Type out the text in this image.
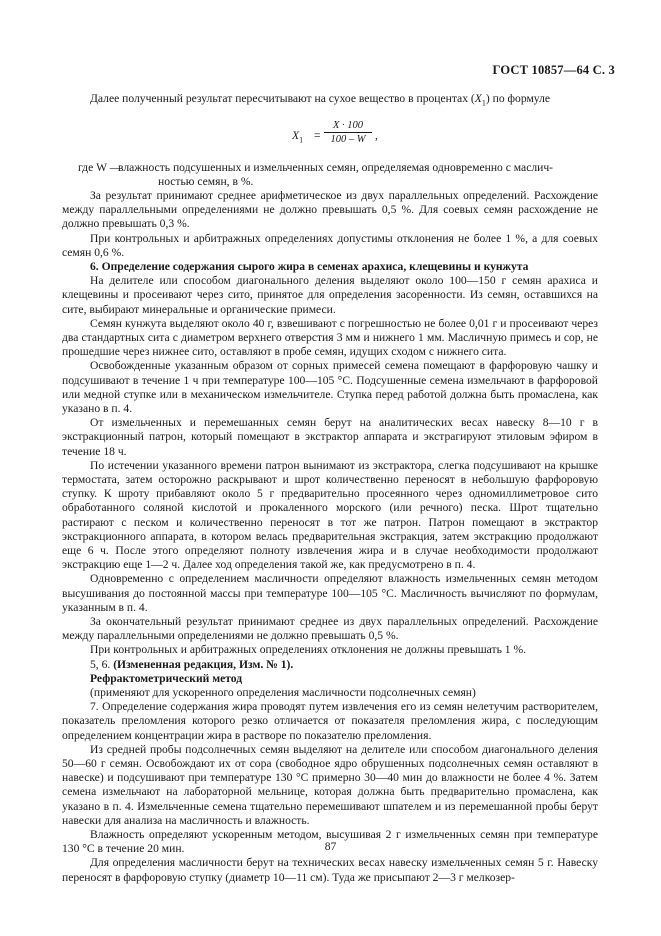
ГОСТ 10857—64 С. 3

Далее полученный результат пересчитывают на сухое вещество в процентах $(X_1)$ по формуле

$X_1$ =
X · 100
100 – W ,
где W —
влажность подсушенных и измельченных семян, определяемая одновременно с маслич-
ностью семян, в %.

За результат принимают среднее арифметическое из двух параллельных определений. Расхождение между параллельными определениями не должно превышать 0,5 %. Для соевых семян расхождение не должно превышать 0,3 %.

При контрольных и арбитражных определениях допустимы отклонения не более 1 %, а для соевых семян 0,6 %.

6. Определение содержания сырого жира в семенах арахиса, клещевины и кунжута

На делителе или способом диагонального деления выделяют около 100—150 г семян арахиса и клещевины и просеивают через сито, принятое для определения засоренности. Из семян, оставшихся на сите, выбирают минеральные и органические примеси.

Семян кунжута выделяют около 40 г, взвешивают с погрешностью не более 0,01 г и просеивают через два стандартных сита с диаметром верхнего отверстия 3 мм и нижнего 1 мм. Масличную примесь и сор, не прошедшие через нижнее сито, оставляют в пробе семян, идущих сходом с нижнего сита.

Освобожденные указанным образом от сорных примесей семена помещают в фарфоровую чашку и подсушивают в течение 1 ч при температуре 100—105 °С. Подсушенные семена измельчают в фарфоровой или медной ступке или в механическом измельчителе. Ступка перед работой должна быть промаслена, как указано в п. 4.

От измельченных и перемешанных семян берут на аналитических весах навеску 8—10 г в экстракционный патрон, который помещают в экстрактор аппарата и экстрагируют этиловым эфиром в течение 18 ч.

По истечении указанного времени патрон вынимают из экстрактора, слегка подсушивают на крышке термостата, затем осторожно раскрывают и шрот количественно переносят в небольшую фарфоровую ступку. К шроту прибавляют около 5 г предварительно просеянного через одномиллиметровое сито обработанного соляной кислотой и прокаленного морского (или речного) песка. Шрот тщательно растирают с песком и количественно переносят в тот же патрон. Патрон помещают в экстрактор экстракционного аппарата, в котором велась предварительная экстракция, затем экстракцию продолжают еще 6 ч. После этого определяют полноту извлечения жира и в случае необходимости продолжают экстракцию еще 1—2 ч. Далее ход определения такой же, как предусмотрено в п. 4.

Одновременно с определением масличности определяют влажность измельченных семян методом высушивания до постоянной массы при температуре 100—105 °С. Масличность вычисляют по формулам, указанным в п. 4.

За окончательный результат принимают среднее из двух параллельных определений. Расхождение между параллельными определениями не должно превышать 0,5 %.

При контрольных и арбитражных определениях отклонения не должны превышать 1 %.

5, 6. (Измененная редакция, Изм. № 1).

Рефрактометрический метод

(применяют для ускоренного определения масличности подсолнечных семян)

7. Определение содержания жира проводят путем извлечения его из семян нелетучим растворителем, показатель преломления которого резко отличается от показателя преломления жира, с последующим определением концентрации жира в растворе по показателю преломления.

Из средней пробы подсолнечных семян выделяют на делителе или способом диагонального деления 50—60 г семян. Освобождают их от сора (свободное ядро обрушенных подсолнечных семян оставляют в навеске) и подсушивают при температуре 130 °С примерно 30—40 мин до влажности не более 4 %. Затем семена измельчают на лабораторной мельнице, которая должна быть предварительно промаслена, как указано в п. 4. Измельченные семена тщательно перемешивают шпателем и из перемешанной пробы берут навески для анализа на масличность и влажность.

Влажность определяют ускоренным методом, высушивая 2 г измельченных семян при температуре 130 °С в течение 20 мин.

Для определения масличности берут на технических весах навеску измельченных семян 5 г. Навеску переносят в фарфоровую ступку (диаметр 10—11 см). Туда же присыпают 2—3 г мелкозер-

87
